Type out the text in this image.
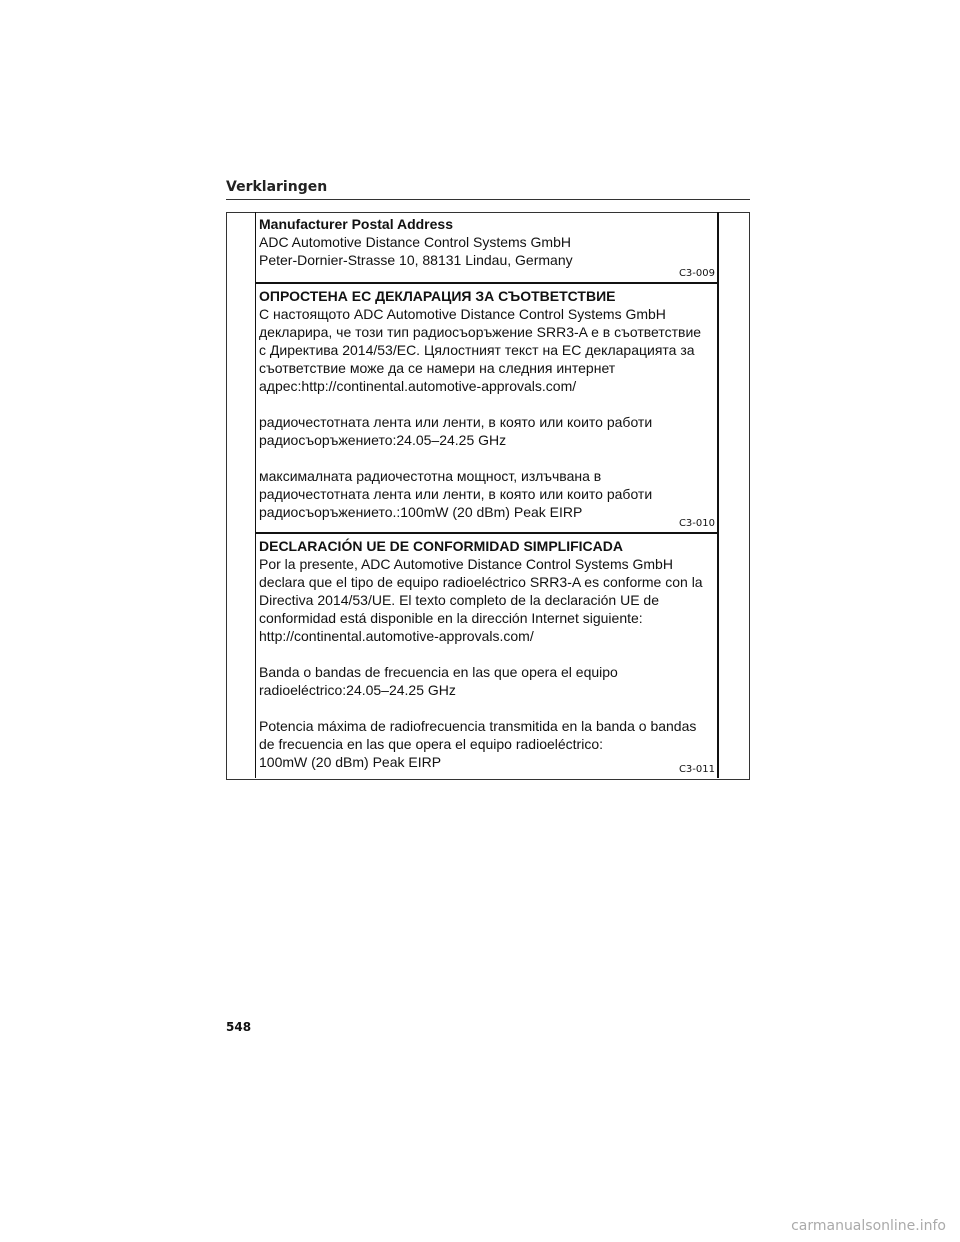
Verklaringen
Manufacturer Postal Address

ADC Automotive Distance Control Systems GmbH

Peter-Dornier-Strasse 10, 88131 Lindau, Germany

C3-009
ОПРОСТЕНА ЕС ДЕКЛАРАЦИЯ ЗА СЪОТВЕТСТВИЕ

С настоящото ADC Automotive Distance Control Systems GmbH

декларира, че този тип радиосъоръжение SRR3-A е в съответствие

с Директива 2014/53/ЕС. Цялостният текст на ЕС декларацията за

съответствие може да се намери на следния интернет

адрес:http://continental.automotive-approvals.com/

радиочестотната лента или ленти, в която или които работи

радиосъоръжението:24.05–24.25 GHz

максималната радиочестотна мощност, излъчвана в

радиочестотната лента или ленти, в която или които работи

радиосъоръжението.:100mW (20 dBm) Peak EIRP

C3-010
DECLARACIÓN UE DE CONFORMIDAD SIMPLIFICADA

Por la presente, ADC Automotive Distance Control Systems GmbH

declara que el tipo de equipo radioeléctrico SRR3-A es conforme con la

Directiva 2014/53/UE. El texto completo de la declaración UE de

conformidad está disponible en la dirección Internet siguiente:

http://continental.automotive-approvals.com/

Banda o bandas de frecuencia en las que opera el equipo

radioeléctrico:24.05–24.25 GHz

Potencia máxima de radiofrecuencia transmitida en la banda o bandas

de frecuencia en las que opera el equipo radioeléctrico:

100mW (20 dBm) Peak EIRP	C3-011
548
carmanualsonline.info
